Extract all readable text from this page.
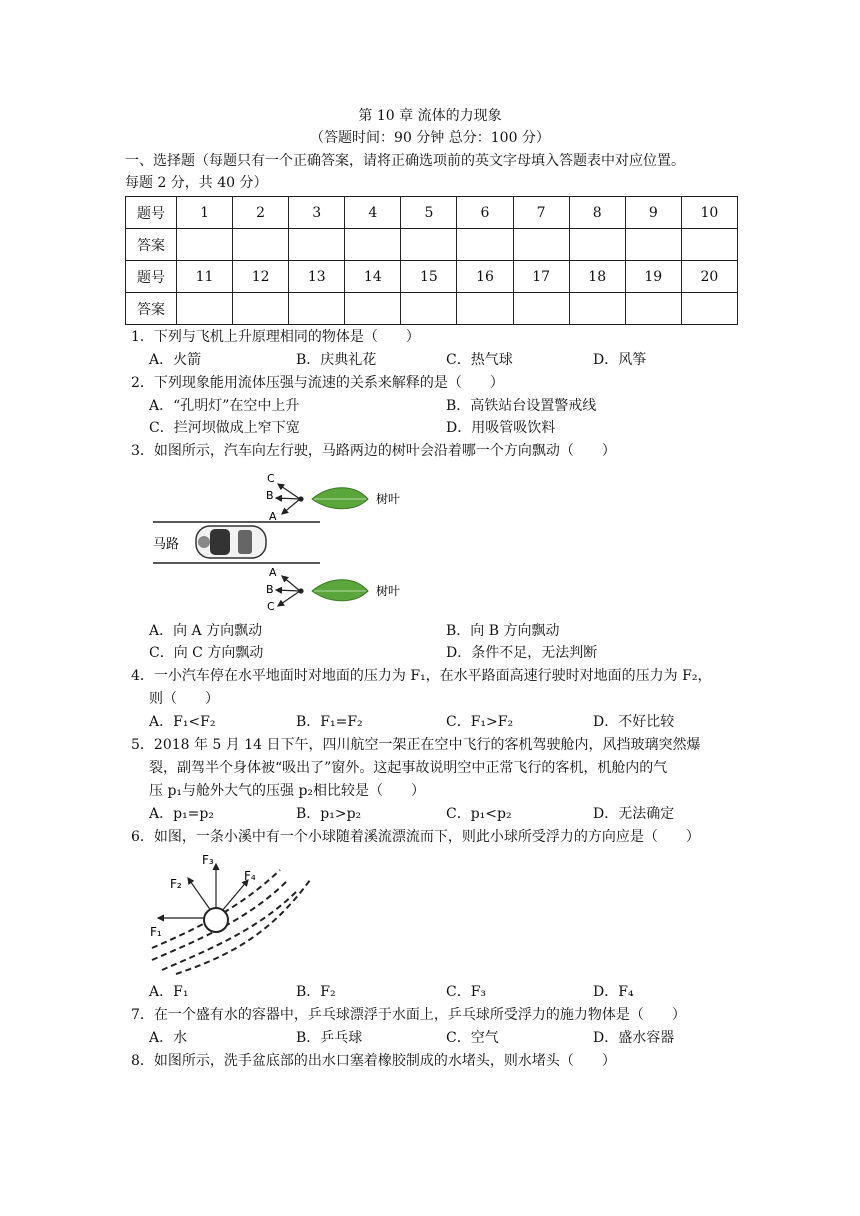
第 10 章 流体的力现象
（答题时间：90 分钟 总分：100 分）
一、选择题（每题只有一个正确答案，请将正确选项前的英文字母填入答题表中对应位置。
每题 2 分，共 40 分）
题号	1	2	3	4	5	6	7	8	9	10
答案										
题号	11	12	13	14	15	16	17	18	19	20
答案										
1．下列与飞机上升原理相同的物体是（　　）
A．火箭	B．庆典礼花	C．热气球	D．风筝
2．下列现象能用流体压强与流速的关系来解释的是（　　）
A．“孔明灯”在空中上升	B．高铁站台设置警戒线
C．拦河坝做成上窄下宽	D．用吸管吸饮料
3．如图所示，汽车向左行驶，马路两边的树叶会沿着哪一个方向飘动（　　）
马路
树叶
C
B
A
树叶
A
B
C
A．向 A 方向飘动	B．向 B 方向飘动
C．向 C 方向飘动	D．条件不足，无法判断
4．一小汽车停在水平地面时对地面的压力为 F₁，在水平路面高速行驶时对地面的压力为 F₂，
则（　　）
A．F₁<F₂	B．F₁=F₂	C．F₁>F₂	D．不好比较
5．2018 年 5 月 14 日下午，四川航空一架正在空中飞行的客机驾驶舱内，风挡玻璃突然爆
裂，副驾半个身体被“吸出了”窗外。这起事故说明空中正常飞行的客机，机舱内的气
压 p₁与舱外大气的压强 p₂相比较是（　　）
A．p₁=p₂	B．p₁>p₂	C．p₁<p₂	D．无法确定
6．如图，一条小溪中有一个小球随着溪流漂流而下，则此小球所受浮力的方向应是（　　）
F₁
F₂
F₃
F₄
A．F₁	B．F₂	C．F₃	D．F₄
7．在一个盛有水的容器中，乒乓球漂浮于水面上，乒乓球所受浮力的施力物体是（　　）
A．水	B．乒乓球	C．空气	D．盛水容器
8．如图所示，洗手盆底部的出水口塞着橡胶制成的水堵头，则水堵头（　　）
